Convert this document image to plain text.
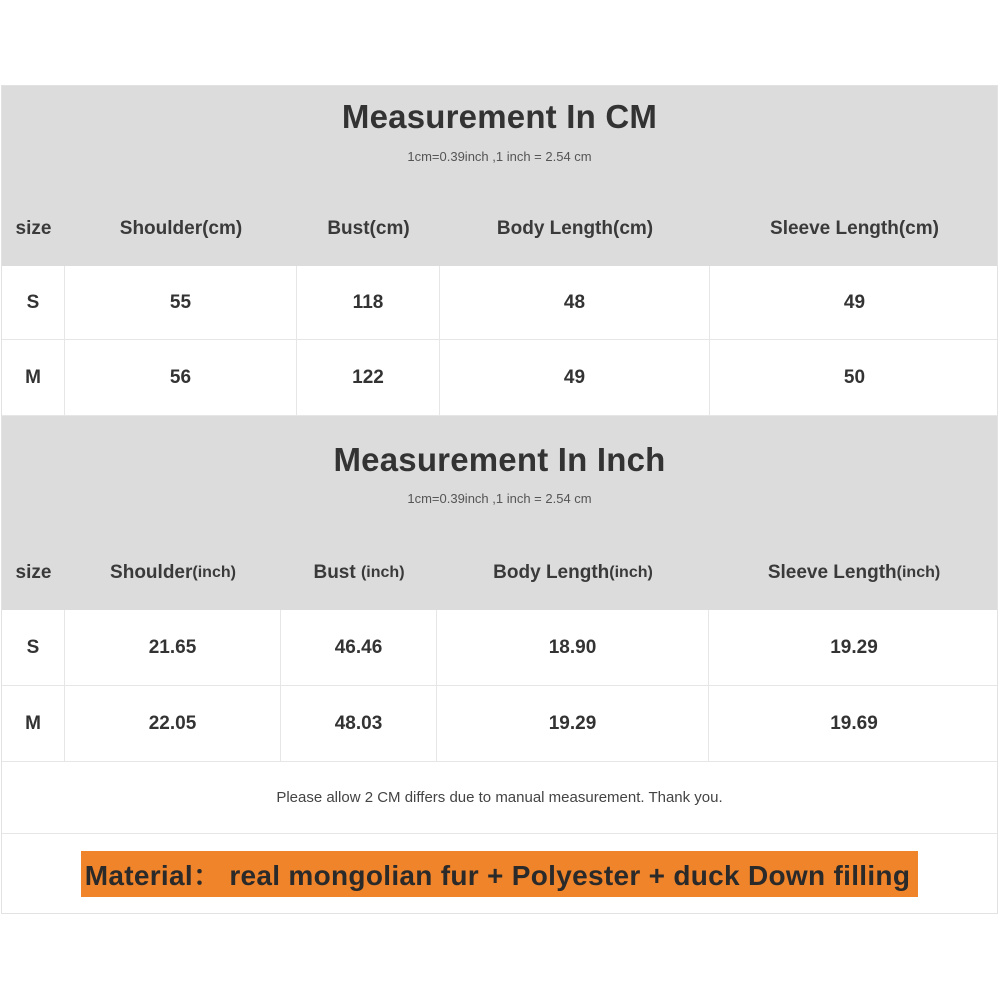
Measurement In CM
1cm=0.39inch ,1 inch = 2.54 cm
size	Shoulder(cm)	Bust(cm)	Body Length(cm)	Sleeve Length(cm)
S	55	118	48	49
M	56	122	49	50
Measurement In Inch
1cm=0.39inch ,1 inch = 2.54 cm
size	Shoulder (inch)	Bust (inch)	Body Length (inch)	Sleeve Length (inch)
S	21.65	46.46	18.90	19.29
M	22.05	48.03	19.29	19.69
Please allow 2 CM differs due to manual measurement. Thank you.
Material： real mongolian fur + Polyester + duck Down filling
